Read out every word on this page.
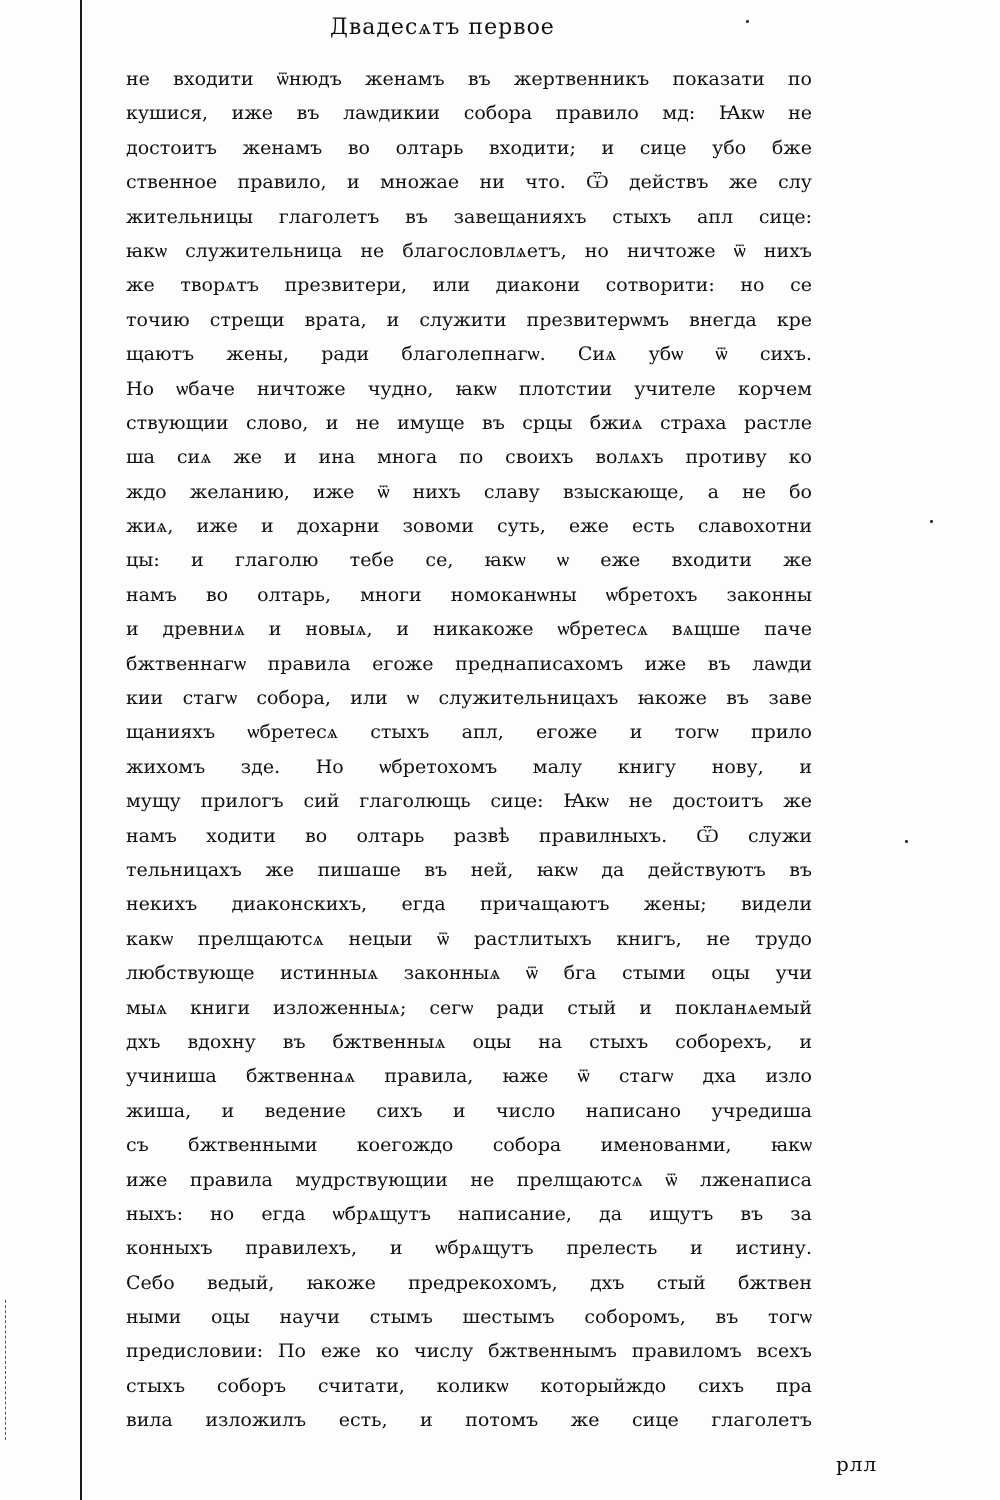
Двадесѧтъ первое
не входити ѿнюдъ женамъ въ жертвенникъ показати по
кушися, иже въ лаѡдикии собора правило мд: Ꙗкѡ не
достоитъ женамъ во олтарь входити; и сице убо бже
ственное правило, и множае ни что. Ѿ действъ же слу
жительницы глаголетъ въ завещанияхъ стыхъ апл сице:
ꙗкѡ служительница не благословлѧетъ, но ничтоже ѿ нихъ
же творѧтъ презвитери, или диакони сотворити: но се
точию стрещи врата, и служити презвитерѡмъ внегда кре
щаютъ жены, ради благолепнагѡ. Сиѧ убѡ ѿ сихъ.
Но ѡбаче ничтоже чудно, ꙗкѡ плотстии учителе корчем
ствующии слово, и не имуще въ срцы бжиѧ страха растле
ша сиѧ же и ина многа по своихъ волѧхъ противу ко
ждо желанию, иже ѿ нихъ славу взыскающе, а не бо
жиѧ, иже и дохарни зовоми суть, еже есть славохотни
цы: и глаголю тебе се, ꙗкѡ ѡ еже входити же
намъ во олтарь, многи номоканѡны ѡбретохъ законны
и древниѧ и новыѧ, и никакоже ѡбретесѧ вѧщше паче
бжтвеннагѡ правила егоже преднаписахомъ иже въ лаѡди
кии стагѡ собора, или ѡ служительницахъ ꙗкоже въ заве
щанияхъ ѡбретесѧ стыхъ апл, егоже и тогѡ прило
жихомъ зде. Но ѡбретохомъ малу книгу нову, и
мущу прилогъ сий глаголющь сице: Ꙗкѡ не достоитъ же
намъ ходити во олтарь развѣ правилныхъ. Ѿ служи
тельницахъ же пишаше въ ней, ꙗкѡ да действуютъ въ
некихъ диаконскихъ, егда причащаютъ жены; видели
какѡ прелщаютсѧ нецыи ѿ растлитыхъ книгъ, не трудо
любствующе истинныѧ законныѧ ѿ бга стыми оцы учи
мыѧ книги изложенныѧ; сегѡ ради стый и покланѧемый
дхъ вдохну въ бжтвенныѧ оцы на стыхъ соборехъ, и
учиниша бжтвеннаѧ правила, ꙗже ѿ стагѡ дха изло
жиша, и ведение сихъ и число написано учредиша
съ бжтвенными коегождо собора именованми, ꙗкѡ
иже правила мудрствующии не прелщаютсѧ ѿ лженаписа
ныхъ: но егда ѡбрѧщутъ написание, да ищутъ въ за
конныхъ правилехъ, и ѡбрѧщутъ прелесть и истину.
Себо ведый, ꙗкоже предрекохомъ, дхъ стый бжтвен
ными оцы научи стымъ шестымъ соборомъ, въ тогѡ
предисловии: По еже ко числу бжтвеннымъ правиломъ всехъ
стыхъ соборъ считати, коликѡ которыйждо сихъ пра
вила изложилъ есть, и потомъ же сице глаголетъ
рлл
